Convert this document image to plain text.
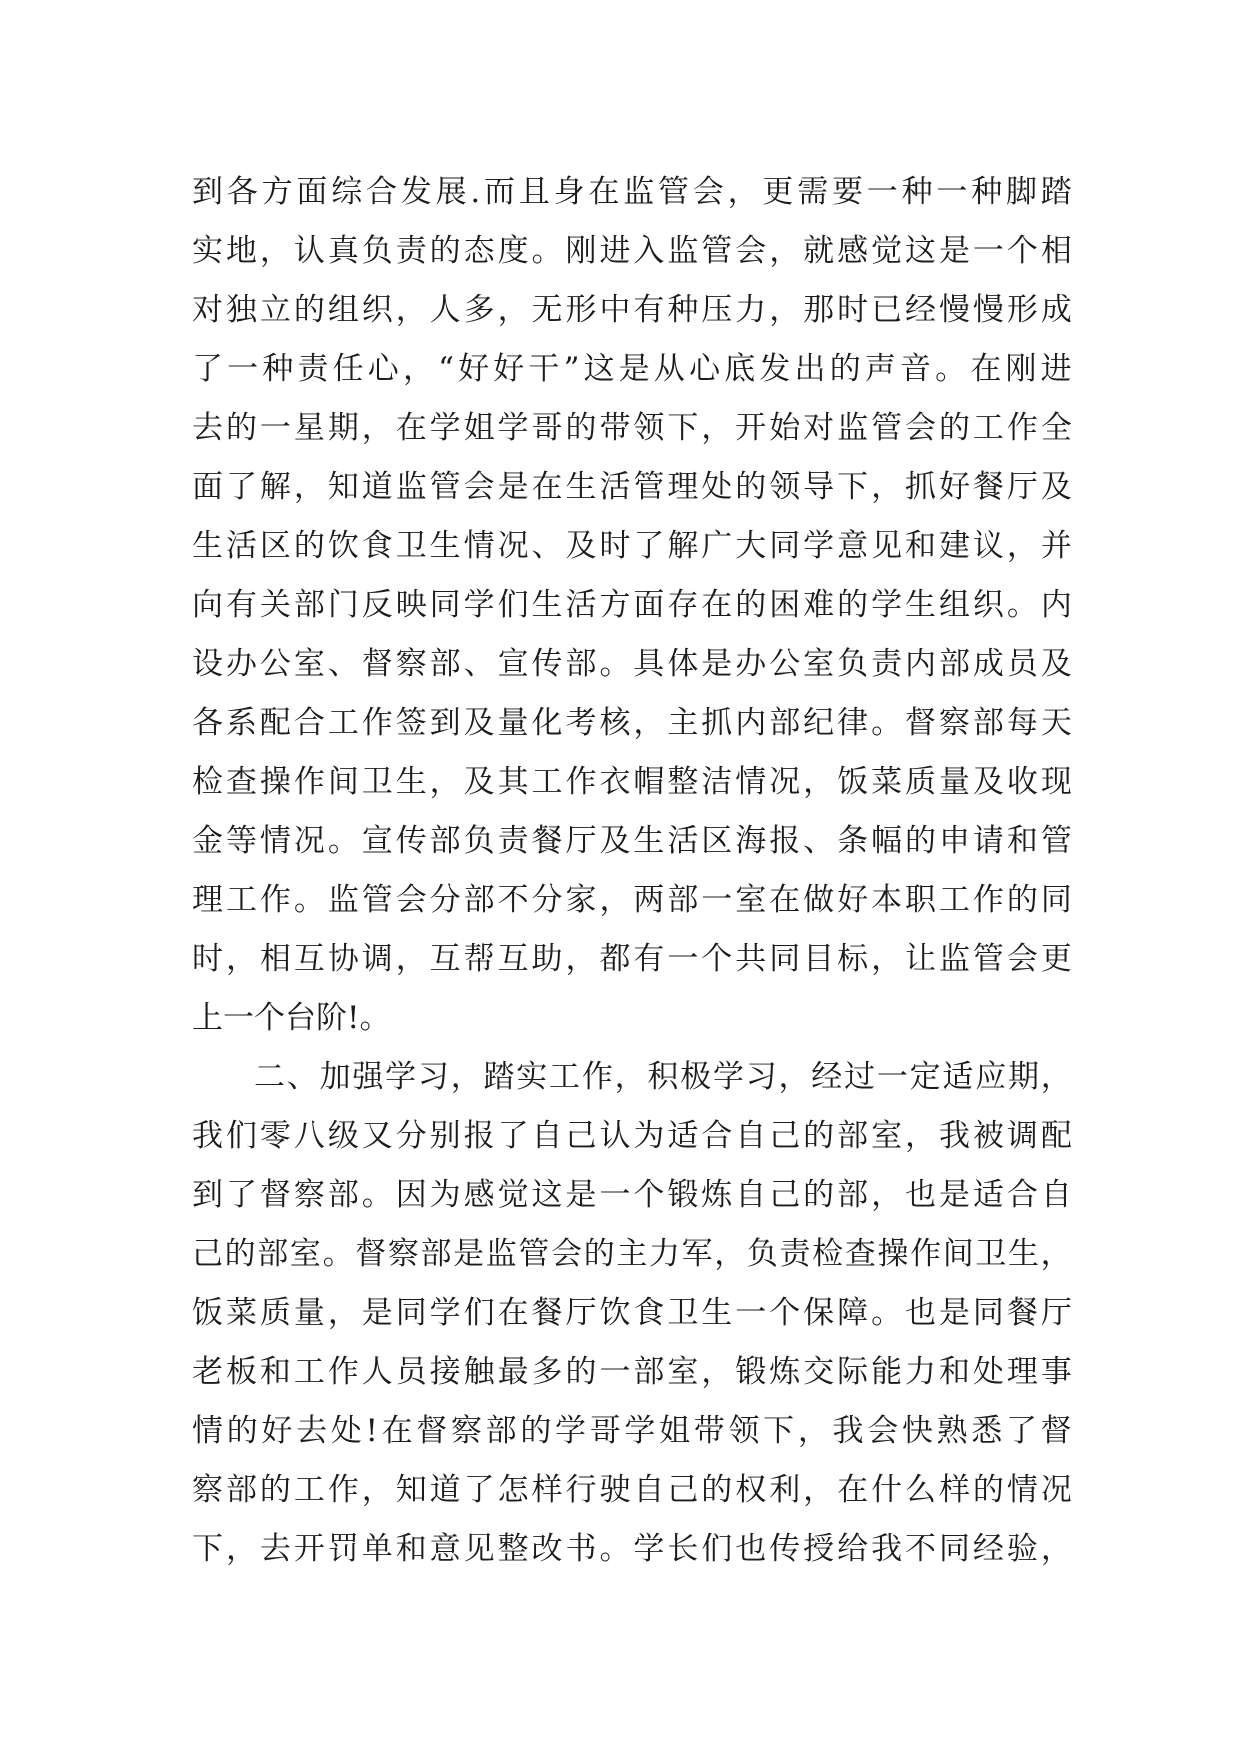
到 各 方 面 综 合 发 展 . 而 且 身 在 监 管 会 ， 更 需 要 一 种 一 种 脚 踏
实 地 ， 认 真 负 责 的 态 度 。 刚 进 入 监 管 会 ， 就 感 觉 这 是 一 个 相
对 独 立 的 组 织 ， 人 多 ， 无 形 中 有 种 压 力 ， 那 时 已 经 慢 慢 形 成
了 一 种 责 任 心 ， “ 好 好 干 ” 这 是 从 心 底 发 出 的 声 音 。 在 刚 进
去 的 一 星 期 ， 在 学 姐 学 哥 的 带 领 下 ， 开 始 对 监 管 会 的 工 作 全
面 了 解 ， 知 道 监 管 会 是 在 生 活 管 理 处 的 领 导 下 ， 抓 好 餐 厅 及
生 活 区 的 饮 食 卫 生 情 况 、 及 时 了 解 广 大 同 学 意 见 和 建 议 ， 并
向 有 关 部 门 反 映 同 学 们 生 活 方 面 存 在 的 困 难 的 学 生 组 织 。 内
设 办 公 室 、 督 察 部 、 宣 传 部 。 具 体 是 办 公 室 负 责 内 部 成 员 及
各 系 配 合 工 作 签 到 及 量 化 考 核 ， 主 抓 内 部 纪 律 。 督 察 部 每 天
检 查 操 作 间 卫 生 ， 及 其 工 作 衣 帽 整 洁 情 况 ， 饭 菜 质 量 及 收 现
金 等 情 况 。 宣 传 部 负 责 餐 厅 及 生 活 区 海 报 、 条 幅 的 申 请 和 管
理 工 作 。 监 管 会 分 部 不 分 家 ， 两 部 一 室 在 做 好 本 职 工 作 的 同
时 ， 相 互 协 调 ， 互 帮 互 助 ， 都 有 一 个 共 同 目 标 ， 让 监 管 会 更
上一个台阶!。
二 、 加 强 学 习 ， 踏 实 工 作 ， 积 极 学 习 ， 经 过 一 定 适 应 期 ，
我 们 零 八 级 又 分 别 报 了 自 己 认 为 适 合 自 己 的 部 室 ， 我 被 调 配
到 了 督 察 部 。 因 为 感 觉 这 是 一 个 锻 炼 自 己 的 部 ， 也 是 适 合 自
己 的 部 室 。 督 察 部 是 监 管 会 的 主 力 军 ， 负 责 检 查 操 作 间 卫 生 ，
饭 菜 质 量 ， 是 同 学 们 在 餐 厅 饮 食 卫 生 一 个 保 障 。 也 是 同 餐 厅
老 板 和 工 作 人 员 接 触 最 多 的 一 部 室 ， 锻 炼 交 际 能 力 和 处 理 事
情 的 好 去 处 ! 在 督 察 部 的 学 哥 学 姐 带 领 下 ， 我 会 快 熟 悉 了 督
察 部 的 工 作 ， 知 道 了 怎 样 行 驶 自 己 的 权 利 ， 在 什 么 样 的 情 况
下 ， 去 开 罚 单 和 意 见 整 改 书 。 学 长 们 也 传 授 给 我 不 同 经 验 ，
